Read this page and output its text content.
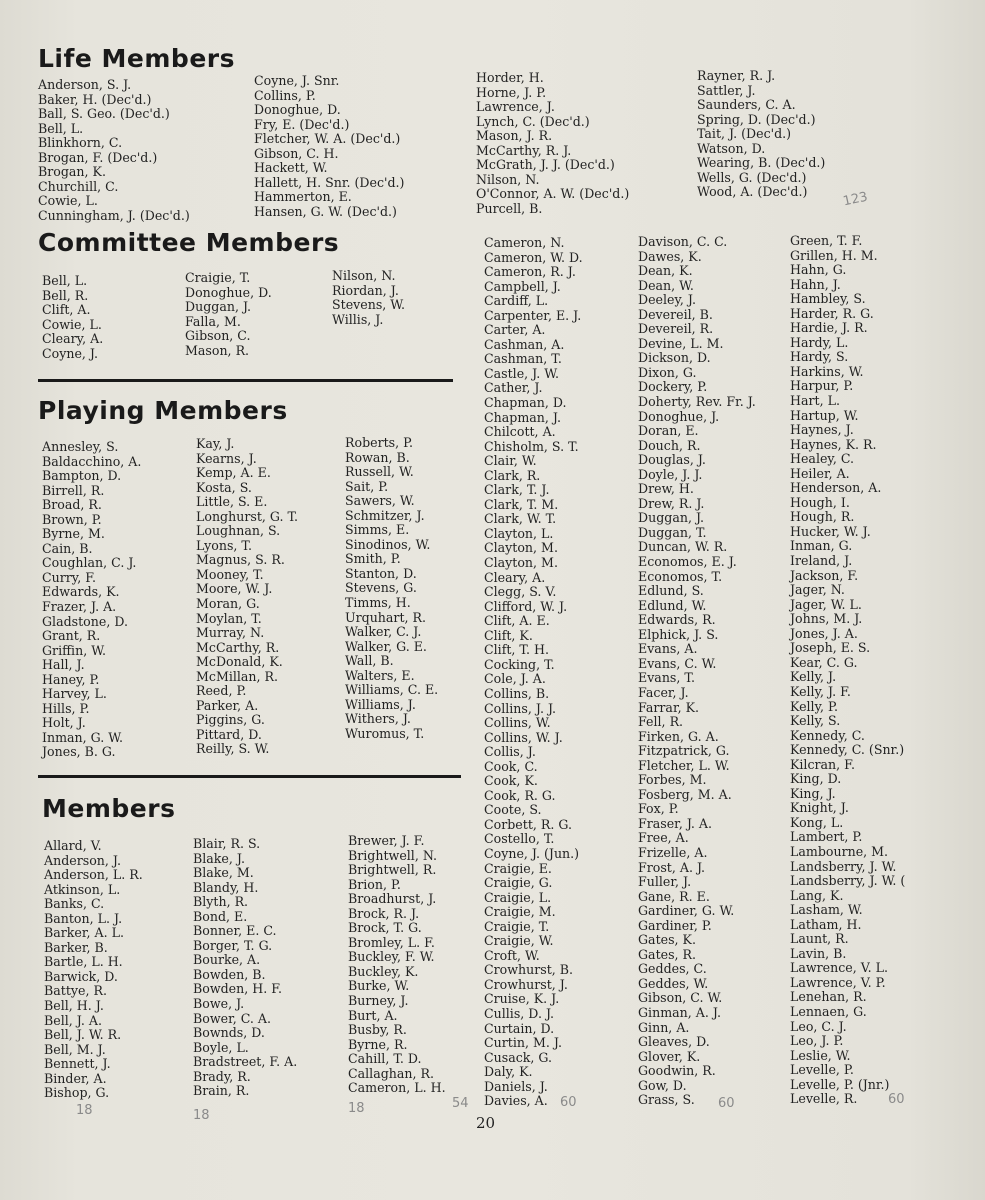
Life Members
Anderson, S. J.
Baker, H. (Dec'd.)
Ball, S. Geo. (Dec'd.)
Bell, L.
Blinkhorn, C.
Brogan, F. (Dec'd.)
Brogan, K.
Churchill, C.
Cowie, L.
Cunningham, J. (Dec'd.)
Coyne, J. Snr.
Collins, P.
Donoghue, D.
Fry, E. (Dec'd.)
Fletcher, W. A. (Dec'd.)
Gibson, C. H.
Hackett, W.
Hallett, H. Snr. (Dec'd.)
Hammerton, E.
Hansen, G. W. (Dec'd.)
Horder, H.
Horne, J. P.
Lawrence, J.
Lynch, C. (Dec'd.)
Mason, J. R.
McCarthy, R. J.
McGrath, J. J. (Dec'd.)
Nilson, N.
O'Connor, A. W. (Dec'd.)
Purcell, B.
Rayner, R. J.
Sattler, J.
Saunders, C. A.
Spring, D. (Dec'd.)
Tait, J. (Dec'd.)
Watson, D.
Wearing, B. (Dec'd.)
Wells, G. (Dec'd.)
Wood, A. (Dec'd.)	123
Committee Members
Bell, L.
Bell, R.
Clift, A.
Cowie, L.
Cleary, A.
Coyne, J.
Craigie, T.
Donoghue, D.
Duggan, J.
Falla, M.
Gibson, C.
Mason, R.
Nilson, N.
Riordan, J.
Stevens, W.
Willis, J.
Playing Members
Annesley, S.
Baldacchino, A.
Bampton, D.
Birrell, R.
Broad, R.
Brown, P.
Byrne, M.
Cain, B.
Coughlan, C. J.
Curry, F.
Edwards, K.
Frazer, J. A.
Gladstone, D.
Grant, R.
Griffin, W.
Hall, J.
Haney, P.
Harvey, L.
Hills, P.
Holt, J.
Inman, G. W.
Jones, B. G.
Kay, J.
Kearns, J.
Kemp, A. E.
Kosta, S.
Little, S. E.
Longhurst, G. T.
Loughnan, S.
Lyons, T.
Magnus, S. R.
Mooney, T.
Moore, W. J.
Moran, G.
Moylan, T.
Murray, N.
McCarthy, R.
McDonald, K.
McMillan, R.
Reed, P.
Parker, A.
Piggins, G.
Pittard, D.
Reilly, S. W.
Roberts, P.
Rowan, B.
Russell, W.
Sait, P.
Sawers, W.
Schmitzer, J.
Simms, E.
Sinodinos, W.
Smith, P.
Stanton, D.
Stevens, G.
Timms, H.
Urquhart, R.
Walker, C. J.
Walker, G. E.
Wall, B.
Walters, E.
Williams, C. E.
Williams, J.
Withers, J.
Wuromus, T.
Members
Allard, V.
Anderson, J.
Anderson, L. R.
Atkinson, L.
Banks, C.
Banton, L. J.
Barker, A. L.
Barker, B.
Bartle, L. H.
Barwick, D.
Battye, R.
Bell, H. J.
Bell, J. A.
Bell, J. W. R.
Bell, M. J.
Bennett, J.
Binder, A.
Bishop, G.
Blair, R. S.
Blake, J.
Blake, M.
Blandy, H.
Blyth, R.
Bond, E.
Bonner, E. C.
Borger, T. G.
Bourke, A.
Bowden, B.
Bowden, H. F.
Bowe, J.
Bower, C. A.
Bownds, D.
Boyle, L.
Bradstreet, F. A.
Brady, R.
Brain, R.
Brewer, J. F.
Brightwell, N.
Brightwell, R.
Brion, P.
Broadhurst, J.
Brock, R. J.
Brock, T. G.
Bromley, L. F.
Buckley, F. W.
Buckley, K.
Burke, W.
Burney, J.
Burt, A.
Busby, R.
Byrne, R.
Cahill, T. D.
Callaghan, R.
Cameron, L. H.
Cameron, N.
Cameron, W. D.
Cameron, R. J.
Campbell, J.
Cardiff, L.
Carpenter, E. J.
Carter, A.
Cashman, A.
Cashman, T.
Castle, J. W.
Cather, J.
Chapman, D.
Chapman, J.
Chilcott, A.
Chisholm, S. T.
Clair, W.
Clark, R.
Clark, T. J.
Clark, T. M.
Clark, W. T.
Clayton, L.
Clayton, M.
Clayton, M.
Cleary, A.
Clegg, S. V.
Clifford, W. J.
Clift, A. E.
Clift, K.
Clift, T. H.
Cocking, T.
Cole, J. A.
Collins, B.
Collins, J. J.
Collins, W.
Collins, W. J.
Collis, J.
Cook, C.
Cook, K.
Cook, R. G.
Coote, S.
Corbett, R. G.
Costello, T.
Coyne, J. (Jun.)
Craigie, E.
Craigie, G.
Craigie, L.
Craigie, M.
Craigie, T.
Craigie, W.
Croft, W.
Crowhurst, B.
Crowhurst, J.
Cruise, K. J.
Cullis, D. J.
Curtain, D.
Curtin, M. J.
Cusack, G.
Daly, K.
Daniels, J.
Davies, A.
Davison, C. C.
Dawes, K.
Dean, K.
Dean, W.
Deeley, J.
Devereil, B.
Devereil, R.
Devine, L. M.
Dickson, D.
Dixon, G.
Dockery, P.
Doherty, Rev. Fr. J.
Donoghue, J.
Doran, E.
Douch, R.
Douglas, J.
Doyle, J. J.
Drew, H.
Drew, R. J.
Duggan, J.
Duggan, T.
Duncan, W. R.
Economos, E. J.
Economos, T.
Edlund, S.
Edlund, W.
Edwards, R.
Elphick, J. S.
Evans, A.
Evans, C. W.
Evans, T.
Facer, J.
Farrar, K.
Fell, R.
Firken, G. A.
Fitzpatrick, G.
Fletcher, L. W.
Forbes, M.
Fosberg, M. A.
Fox, P.
Fraser, J. A.
Free, A.
Frizelle, A.
Frost, A. J.
Fuller, J.
Gane, R. E.
Gardiner, G. W.
Gardiner, P.
Gates, K.
Gates, R.
Geddes, C.
Geddes, W.
Gibson, C. W.
Ginman, A. J.
Ginn, A.
Gleaves, D.
Glover, K.
Goodwin, R.
Gow, D.
Grass, S.
Green, T. F.
Grillen, H. M.
Hahn, G.
Hahn, J.
Hambley, S.
Harder, R. G.
Hardie, J. R.
Hardy, L.
Hardy, S.
Harkins, W.
Harpur, P.
Hart, L.
Hartup, W.
Haynes, J.
Haynes, K. R.
Healey, C.
Heiler, A.
Henderson, A.
Hough, I.
Hough, R.
Hucker, W. J.
Inman, G.
Ireland, J.
Jackson, F.
Jager, N.
Jager, W. L.
Johns, M. J.
Jones, J. A.
Joseph, E. S.
Kear, C. G.
Kelly, J.
Kelly, J. F.
Kelly, P.
Kelly, S.
Kennedy, C.
Kennedy, C. (Snr.)
Kilcran, F.
King, D.
King, J.
Knight, J.
Kong, L.
Lambert, P.
Lambourne, M.
Landsberry, J. W.
Landsberry, J. W. (
Lang, K.
Lasham, W.
Latham, H.
Launt, R.
Lavin, B.
Lawrence, V. L.
Lawrence, V. P.
Lenehan, R.
Lennaen, G.
Leo, C. J.
Leo, J. P.
Leslie, W.
Levelle, P.
Levelle, P. (Jnr.)
Levelle, R.
18	18	18	54	60	60	60
20
